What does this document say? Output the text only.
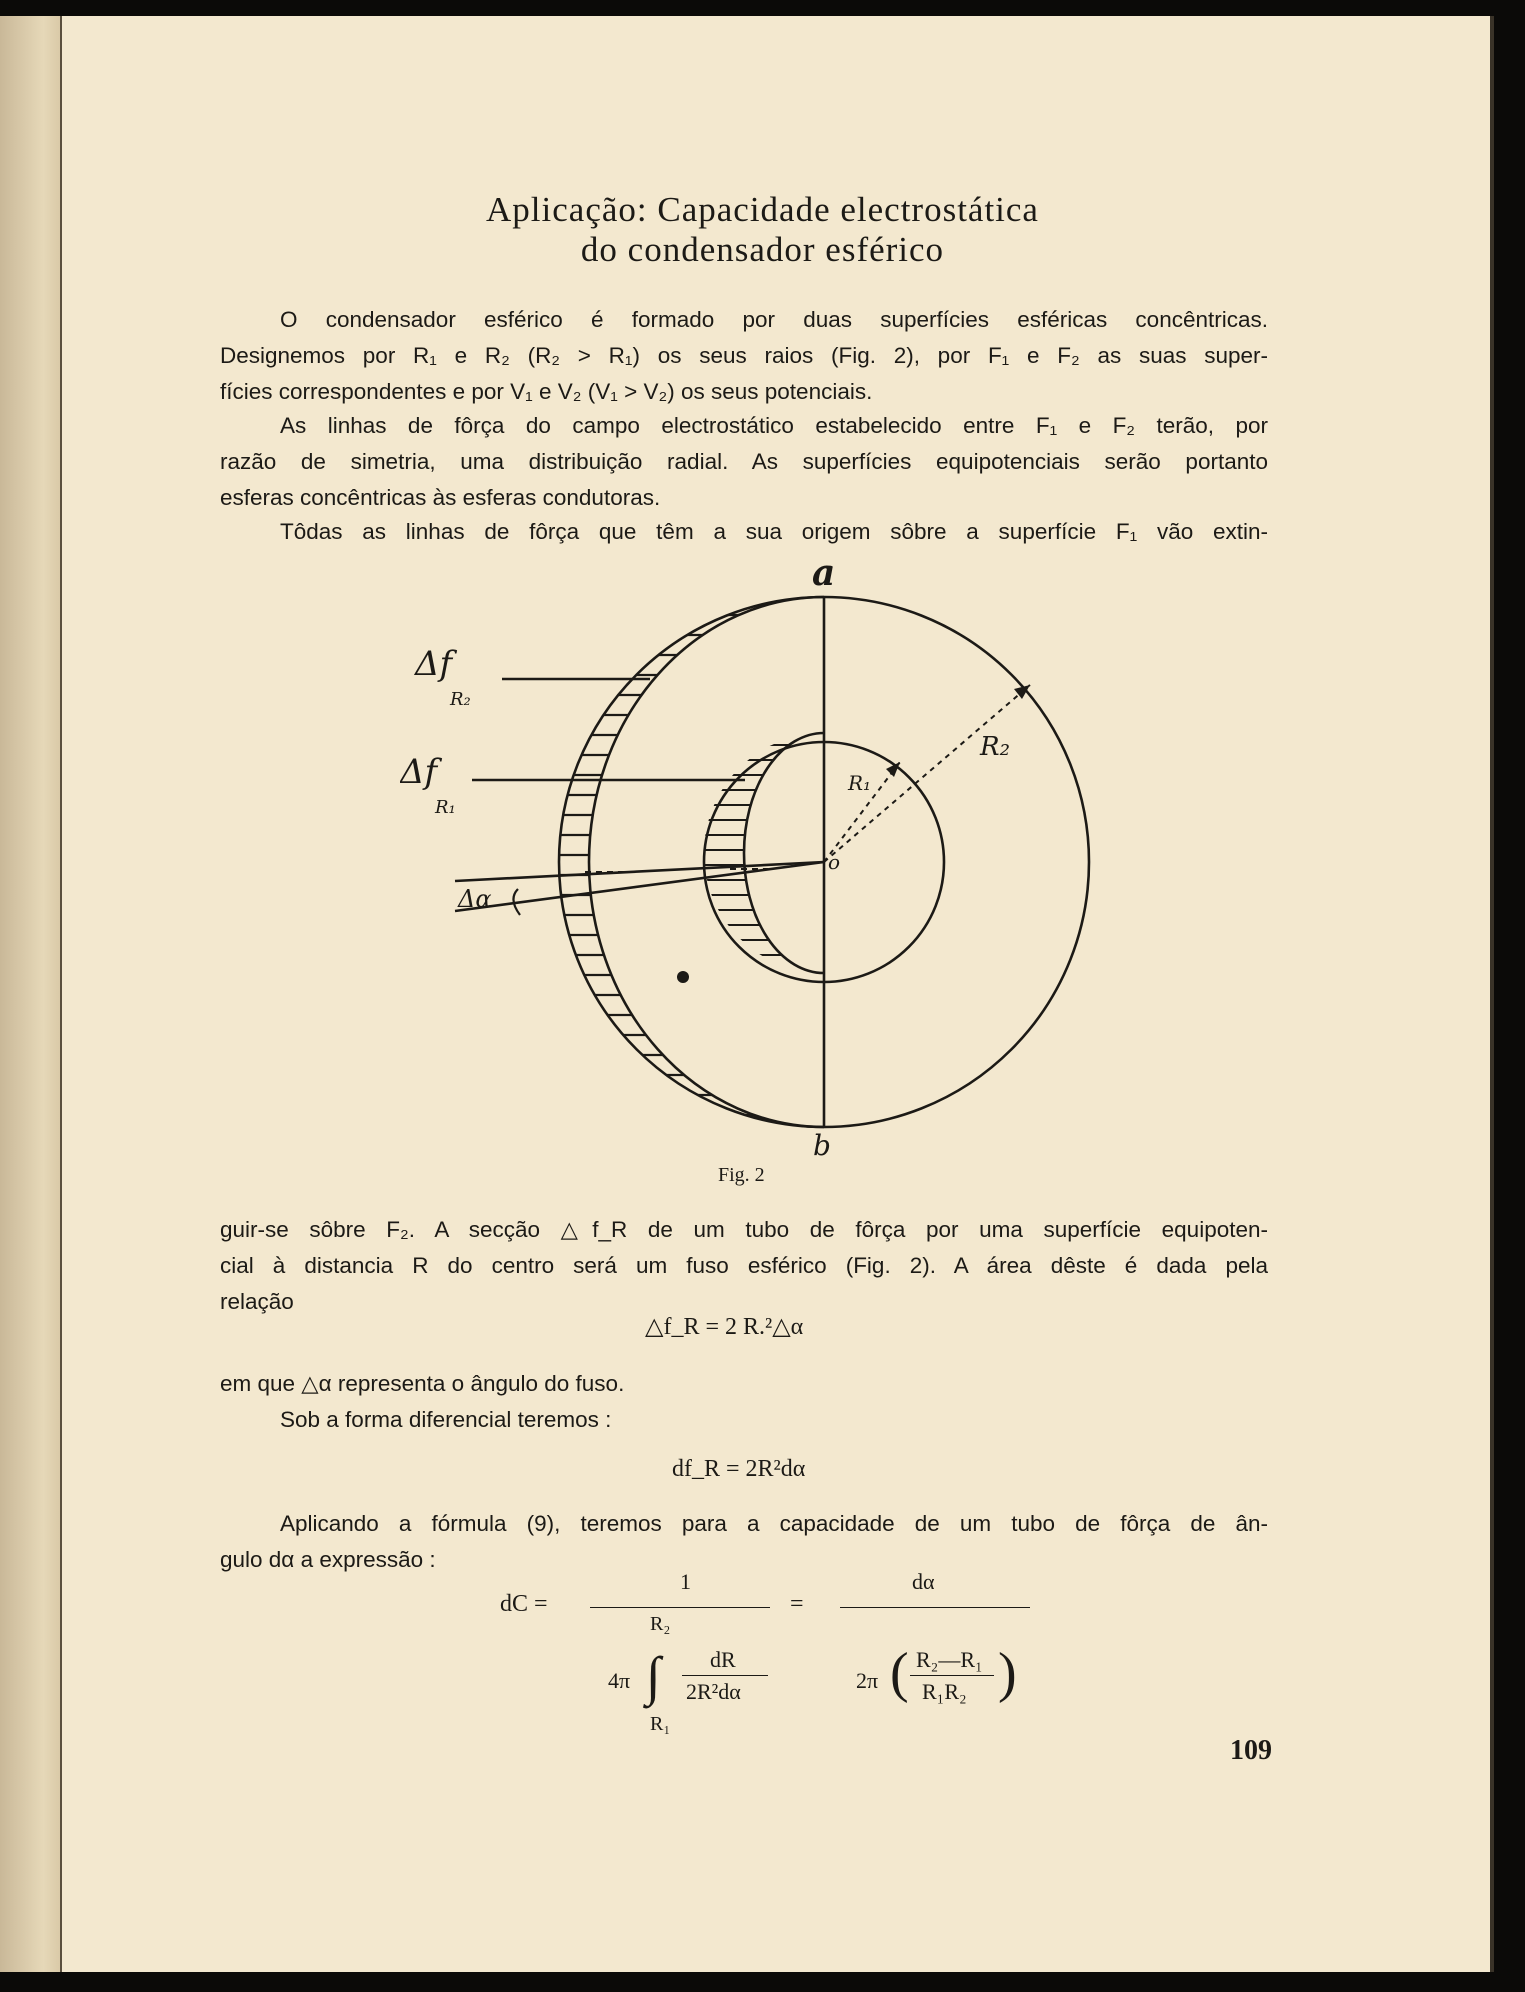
Aplicação: Capacidade electrostática
do condensador esférico
O condensador esférico é formado por duas superfícies esféricas concêntricas.
Designemos por R₁ e R₂ (R₂ > R₁) os seus raios (Fig. 2), por F₁ e F₂ as suas super-
fícies correspondentes e por V₁ e V₂ (V₁ > V₂) os seus potenciais.
As linhas de fôrça do campo electrostático estabelecido entre F₁ e F₂ terão, por
razão de simetria, uma distribuição radial. As superfícies equipotenciais serão portanto
esferas concêntricas às esferas condutoras.
Tôdas as linhas de fôrça que têm a sua origem sôbre a superfície F₁ vão extin-
a
b
o
Δf
R₂
Δf
R₁
Δα
R₁
R₂
Fig. 2
guir-se sôbre F₂. A secção △f_R de um tubo de fôrça por uma superfície equipoten-
cial à distancia R do centro será um fuso esférico (Fig. 2). A área dêste é dada pela
relação
△f_R = 2 R.²△α
em que △α representa o ângulo do fuso.
Sob a forma diferencial teremos :
df_R = 2R²dα
Aplicando a fórmula (9), teremos para a capacidade de um tubo de fôrça de ân-
gulo dα a expressão :
dC =
1
R₂
4π ∫ dR
2R²dα
R₁
=
dα
2π ( R₂—R₁
R₁R₂ )
109
